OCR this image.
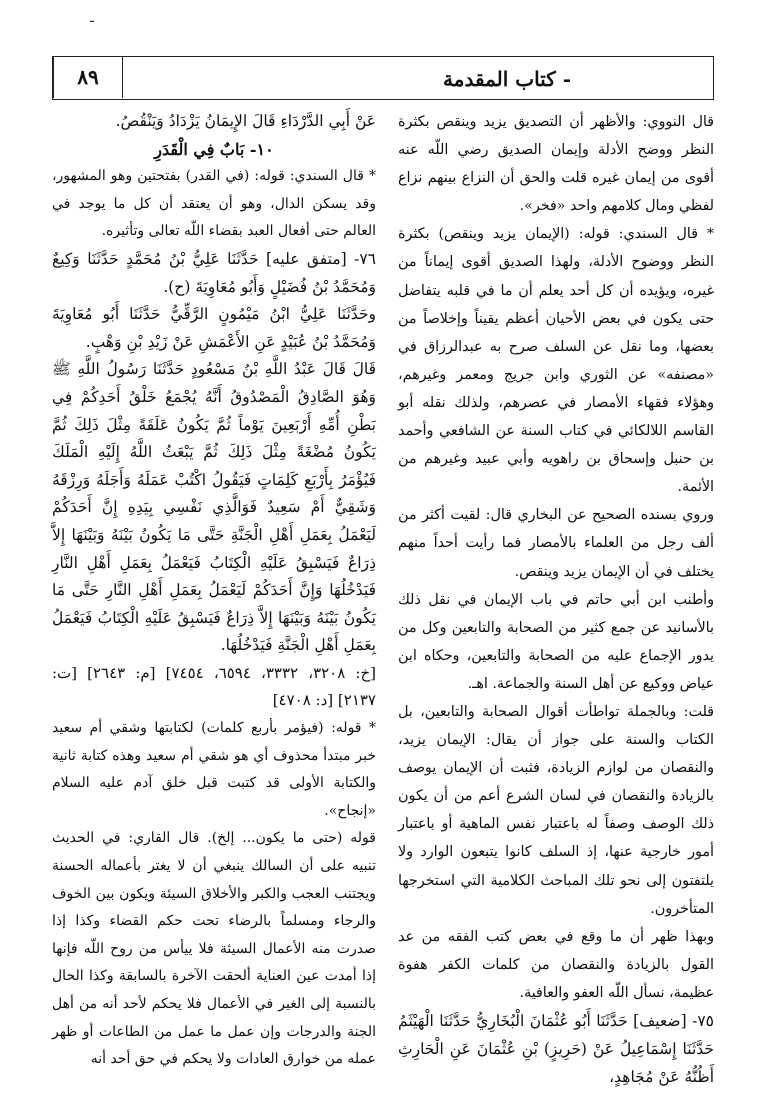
ـ
- كتاب المقدمة
٨٩

قال النووي: والأظهر أن التصديق يزيد وينقص بكثرة النظر ووضح الأدلة وإيمان الصديق رضي اللّه عنه أقوى من إيمان غيره قلت والحق أن النزاع بينهم نزاع لفظي ومال كلامهم واحد «فخر».

* قال السندي: قوله: (الإيمان يزيد وينقص) بكثرة النظر ووضوح الأدلة، ولهذا الصديق أقوى إيماناً من غيره، ويؤيده أن كل أحد يعلم أن ما في قلبه يتفاضل حتى يكون في بعض الأحيان أعظم يقيناً وإخلاصاً من بعضها، وما نقل عن السلف صرح به عبدالرزاق في «مصنفه» عن الثوري وابن جريج ومعمر وغيرهم، وهؤلاء فقهاء الأمصار في عصرهم، ولذلك نقله أبو القاسم اللالكائي في كتاب السنة عن الشافعي وأحمد بن حنبل وإسحاق بن راهويه وأبي عبيد وغيرهم من الأئمة.

وروي بسنده الصحيح عن البخاري قال: لقيت أكثر من ألف رجل من العلماء بالأمصار فما رأيت أحداً منهم يختلف في أن الإيمان يزيد وينقص.

وأطنب ابن أبي حاتم في باب الإيمان في نقل ذلك بالأسانيد عن جمع كثير من الصحابة والتابعين وكل من يدور الإجماع عليه من الصحابة والتابعين، وحكاه ابن عياض ووكيع عن أهل السنة والجماعة. اهـ.

قلت: وبالجملة تواطأت أقوال الصحابة والتابعين، بل الكتاب والسنة على جواز أن يقال: الإيمان يزيد، والنقصان من لوازم الزيادة، فثبت أن الإيمان يوصف بالزيادة والنقصان في لسان الشرع أعم من أن يكون ذلك الوصف وصفاً له باعتبار نفس الماهية أو باعتبار أمور خارجية عنها، إذ السلف كانوا يتبعون الوارد ولا يلتفتون إلى نحو تلك المباحث الكلامية التي استخرجها المتأخرون.

وبهذا ظهر أن ما وقع في بعض كتب الفقه من عد القول بالزيادة والنقصان من كلمات الكفر هفوة عظيمة، نسأل اللّه العفو والعافية.

٧٥- [ضعيف] حَدَّثَنَا أَبُو عُثْمَانَ الْبُخَارِيُّ حَدَّثَنَا الْهَيْثَمُ حَدَّثَنَا إِسْمَاعِيلُ عَنْ (حَرِيزٍ) بْنِ عُثْمَانَ عَنِ الْحَارِثِ أَظُنُّهُ عَنْ مُجَاهِدٍ،

عَنْ أَبِي الدَّرْدَاءِ قَالَ الإِيمَانُ يَزْدَادُ وَيَنْقُصُ.

١٠- بَابٌ فِي الْقَدَرِ

* قال السندي: قوله: (في القدر) بفتحتين وهو المشهور، وقد يسكن الدال، وهو أن يعتقد أن كل ما يوجد في العالم حتى أفعال العبد بقضاء اللّه تعالى وتأثيره.

٧٦- [متفق عليه] حَدَّثَنَا عَلِيُّ بْنُ مُحَمَّدٍ حَدَّثَنَا وَكِيعٌ وَمُحَمَّدُ بْنُ فُضَيْلٍ وَأَبُو مُعَاوِيَةَ (ح).

وحَدَّثَنَا عَلِيُّ ابْنُ مَيْمُونٍ الرَّقِّيُّ حَدَّثَنَا أَبُو مُعَاوِيَةَ وَمُحَمَّدُ بْنُ عُبَيْدٍ عَنِ الأَعْمَشِ عَنْ زَيْدِ بْنِ وَهْبٍ.

قَالَ قَالَ عَبْدُ اللَّهِ بْنُ مَسْعُودٍ حَدَّثَنَا رَسُولُ اللَّهِ ﷺ وَهُوَ الصَّادِقُ الْمَصْدُوقُ أَنَّهُ يُجْمَعُ خَلْقُ أَحَدِكُمْ فِي بَطْنِ أُمِّهِ أَرْبَعِينَ يَوْماً ثُمَّ يَكُونُ عَلَقَةً مِثْلَ ذَلِكَ ثُمَّ يَكُونُ مُضْغَةً مِثْلَ ذَلِكَ ثُمَّ يَبْعَثُ اللَّهُ إِلَيْهِ الْمَلَكَ فَيُؤْمَرُ بِأَرْبَعِ كَلِمَاتٍ فَيَقُولُ اكْتُبْ عَمَلَهُ وَأَجَلَهُ وَرِزْقَهُ وَشَقِيٌّ أَمْ سَعِيدٌ فَوَالَّذِي نَفْسِي بِيَدِهِ إِنَّ أَحَدَكُمْ لَيَعْمَلُ بِعَمَلِ أَهْلِ الْجَنَّةِ حَتَّى مَا يَكُونُ بَيْنَهُ وَبَيْنَهَا إِلاَّ ذِرَاعٌ فَيَسْبِقُ عَلَيْهِ الْكِتَابُ فَيَعْمَلُ بِعَمَلِ أَهْلِ النَّارِ فَيَدْخُلُهَا وَإِنَّ أَحَدَكُمْ لَيَعْمَلُ بِعَمَلِ أَهْلِ النَّارِ حَتَّى مَا يَكُونُ بَيْنَهُ وَبَيْنَهَا إِلاَّ ذِرَاعٌ فَيَسْبِقُ عَلَيْهِ الْكِتَابُ فَيَعْمَلُ بِعَمَلِ أَهْلِ الْجَنَّةِ فَيَدْخُلُهَا.

[خ: ٣٢٠٨، ٣٣٣٢، ٦٥٩٤، ٧٤٥٤] [م: ٢٦٤٣] [ت: ٢١٣٧] [د: ٤٧٠٨]

* قوله: (فيؤمر بأربع كلمات) لكتابتها وشقي أم سعيد خبر مبتدأ محذوف أي هو شقي أم سعيد وهذه كتابة ثانية والكتابة الأولى قد كتبت قبل خلق آدم عليه السلام «إنجاح».

قوله (حتى ما يكون... إلخ). قال القاري: في الحديث تنبيه على أن السالك ينبغي أن لا يغتر بأعماله الحسنة ويجتنب العجب والكبر والأخلاق السيئة ويكون بين الخوف والرجاء ومسلماً بالرضاء تحت حكم القضاء وكذا إذا صدرت منه الأعمال السيئة فلا ييأس من روح اللّه فإنها إذا أمدت عين العناية ألحقت الآخرة بالسابقة وكذا الحال بالنسبة إلى الغير في الأعمال فلا يحكم لأحد أنه من أهل الجنة والدرجات وإن عمل ما عمل من الطاعات أو ظهر عمله من خوارق العادات ولا يحكم في حق أحد أنه
